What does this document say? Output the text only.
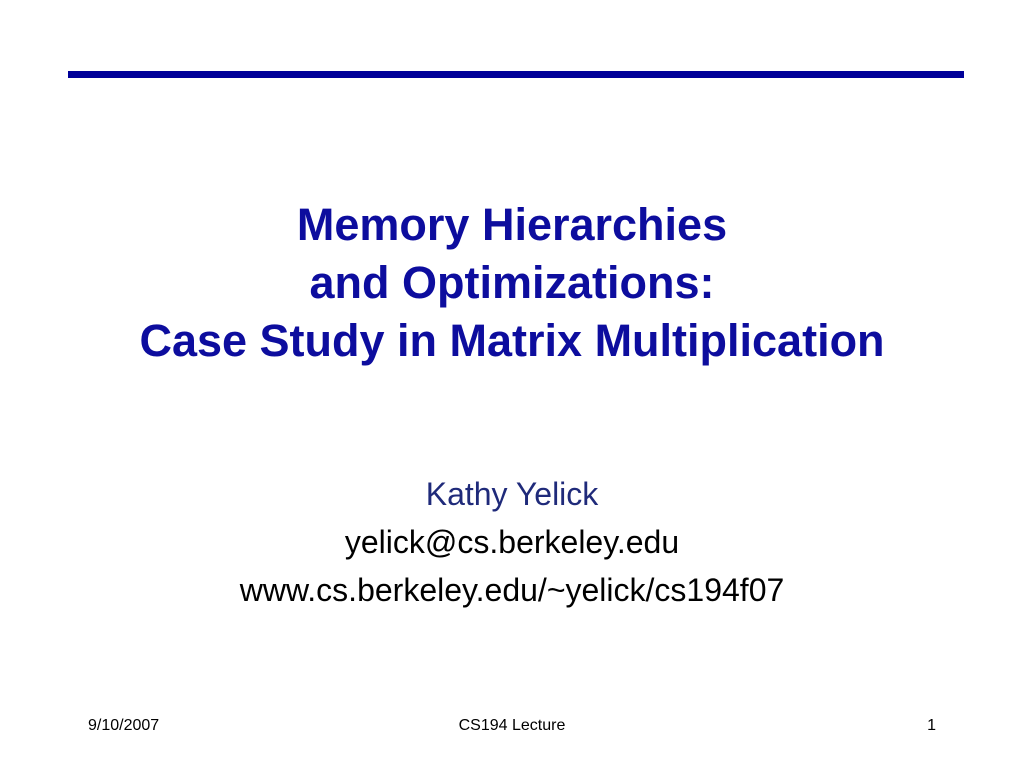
Memory Hierarchies
and Optimizations:
Case Study in Matrix Multiplication
Kathy Yelick
yelick@cs.berkeley.edu
www.cs.berkeley.edu/~yelick/cs194f07
9/10/2007	CS194 Lecture	1
